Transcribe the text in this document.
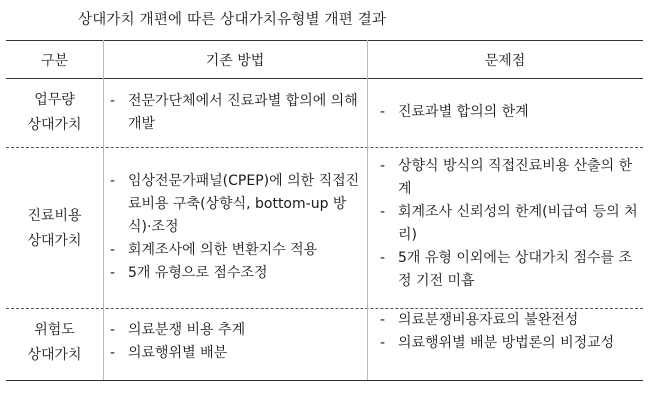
상대가치 개편에 따른 상대가치유형별 개편 결과
구분	기존 방법	문제점
업무량
상대가치
- 전문가단체에서 진료과별 합의에 의해 개발
- 진료과별 합의의 한계
진료비용
상대가치
- 임상전문가패널(CPEP)에 의한 직접진료비용 구축(상향식, bottom-up 방식)·조정
- 회계조사에 의한 변환지수 적용
- 5개 유형으로 점수조정
- 상향식 방식의 직접진료비용 산출의 한계
- 회계조사 신뢰성의 한계(비급여 등의 처리)
- 5개 유형 이외에는 상대가치 점수를 조정 기전 미흡
위험도
상대가치
- 의료분쟁 비용 추계
- 의료행위별 배분
- 의료분쟁비용자료의 불완전성
- 의료행위별 배분 방법론의 비정교성
